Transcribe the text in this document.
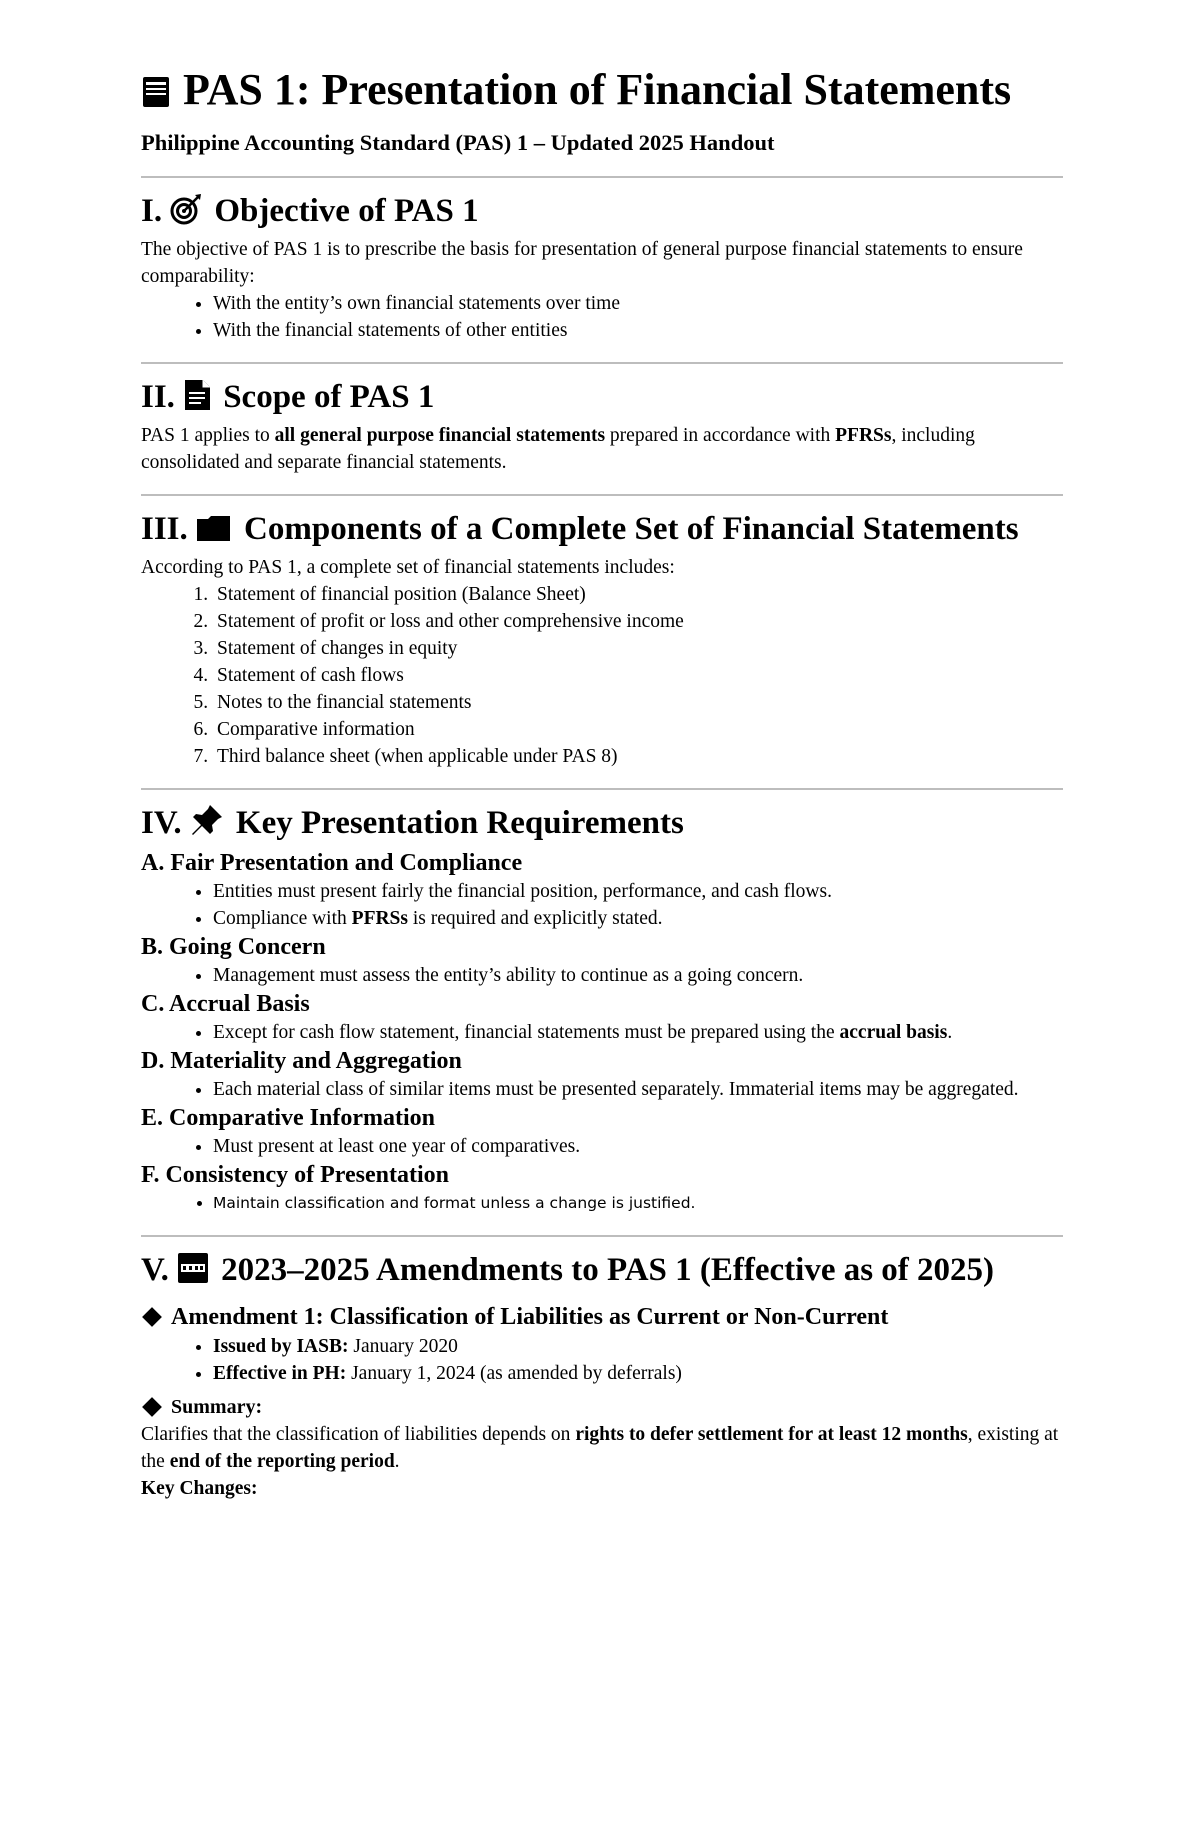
PAS 1: Presentation of Financial Statements
Philippine Accounting Standard (PAS) 1 – Updated 2025 Handout
I. Objective of PAS 1

The objective of PAS 1 is to prescribe the basis for presentation of general purpose financial statements to ensure comparability:

• With the entity’s own financial statements over time
• With the financial statements of other entities
II. Scope of PAS 1

PAS 1 applies to all general purpose financial statements prepared in accordance with PFRSs, including consolidated and separate financial statements.

III. Components of a Complete Set of Financial Statements

According to PAS 1, a complete set of financial statements includes:

1. Statement of financial position (Balance Sheet)
2. Statement of profit or loss and other comprehensive income
3. Statement of changes in equity
4. Statement of cash flows
5. Notes to the financial statements
6. Comparative information
7. Third balance sheet (when applicable under PAS 8)
IV. Key Presentation Requirements
A. Fair Presentation and Compliance
• Entities must present fairly the financial position, performance, and cash flows.
• Compliance with PFRSs is required and explicitly stated.
B. Going Concern
• Management must assess the entity’s ability to continue as a going concern.
C. Accrual Basis
• Except for cash flow statement, financial statements must be prepared using the accrual basis.
D. Materiality and Aggregation
• Each material class of similar items must be presented separately. Immaterial items may be aggregated.
E. Comparative Information
• Must present at least one year of comparatives.
F. Consistency of Presentation
• Maintain classification and format unless a change is justified.
V. 2023–2025 Amendments to PAS 1 (Effective as of 2025)
Amendment 1: Classification of Liabilities as Current or Non-Current
• Issued by IASB: January 2020
• Effective in PH: January 1, 2024 (as amended by deferrals)
Summary:

Clarifies that the classification of liabilities depends on rights to defer settlement for at least 12 months, existing at the end of the reporting period.

Key Changes:
